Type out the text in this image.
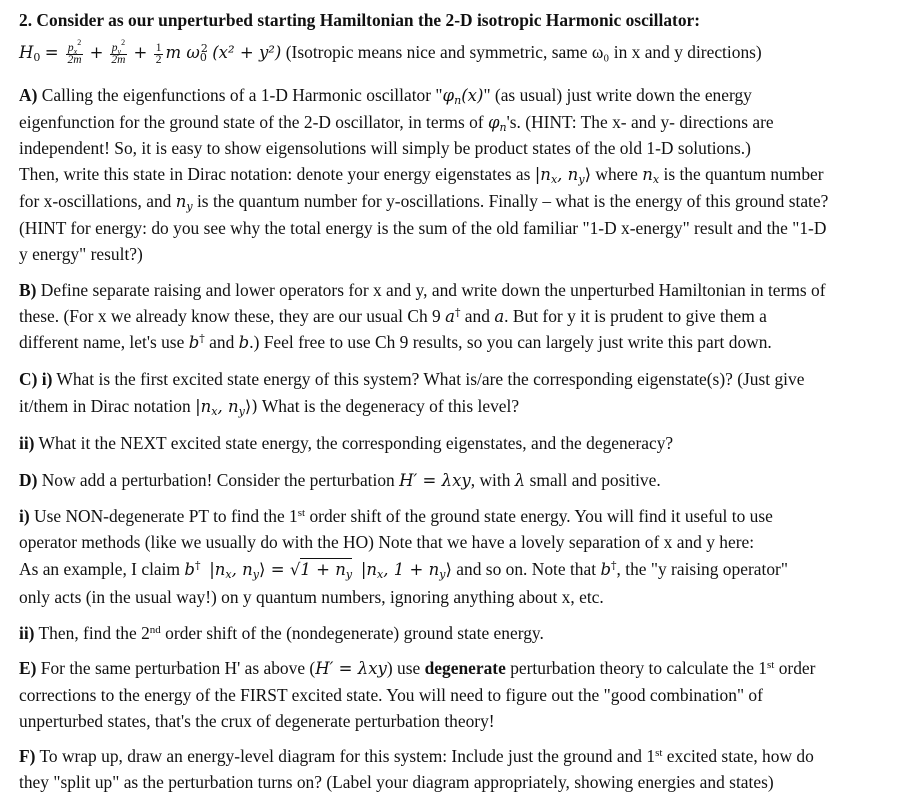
2. Consider as our unperturbed starting Hamiltonian the 2-D isotropic Harmonic oscillator:
$H_0 = \frac{p_x^2}{2m} + \frac{p_y^2}{2m} + \frac{1}{2}$ m $\omega_0^2$ (x² + y²) (Isotropic means nice and symmetric, same ω₀ in x and y directions)
A) Calling the eigenfunctions of a 1-D Harmonic oscillator "$\varphi_n(x)$" (as usual) just write down the energy
eigenfunction for the ground state of the 2-D oscillator, in terms of $\varphi_n's$. (HINT: The x- and y- directions are
independent! So, it is easy to show eigensolutions will simply be product states of the old 1-D solutions.)
Then, write this state in Dirac notation: denote your energy eigenstates as $|n_x$, $n_y⟩$ where $n_x$ is the quantum number
for x-oscillations, and $n_y$ is the quantum number for y-oscillations. Finally – what is the energy of this ground state?
(HINT for energy: do you see why the total energy is the sum of the old familiar "1-D x-energy" result and the "1-D
y energy" result?)
B) Define separate raising and lower operators for x and y, and write down the unperturbed Hamiltonian in terms of
these. (For x we already know these, they are our usual Ch 9 a† and a. But for y it is prudent to give them a
different name, let's use b† and b.) Feel free to use Ch 9 results, so you can largely just write this part down.
C) i) What is the first excited state energy of this system? What is/are the corresponding eigenstate(s)? (Just give
it/them in Dirac notation $|n_x$, $n_y⟩$) What is the degeneracy of this level?
ii) What it the NEXT excited state energy, the corresponding eigenstates, and the degeneracy?
D) Now add a perturbation! Consider the perturbation H′ = λxy, with λ small and positive.
i) Use NON-degenerate PT to find the 1st order shift of the ground state energy. You will find it useful to use
operator methods (like we usually do with the HO) Note that we have a lovely separation of x and y here:
As an example, I claim b† $|n_x$, $n_y⟩ = √1 + n_y$ $|n_x$, $1 + n_y⟩$ and so on. Note that b†, the "y raising operator"
only acts (in the usual way!) on y quantum numbers, ignoring anything about x, etc.
ii) Then, find the 2nd order shift of the (nondegenerate) ground state energy.
E) For the same perturbation H' as above (H′ = λxy) use degenerate perturbation theory to calculate the 1st order
corrections to the energy of the FIRST excited state. You will need to figure out the "good combination" of
unperturbed states, that's the crux of degenerate perturbation theory!
F) To wrap up, draw an energy-level diagram for this system: Include just the ground and 1st excited state, how do
they "split up" as the perturbation turns on? (Label your diagram appropriately, showing energies and states)
